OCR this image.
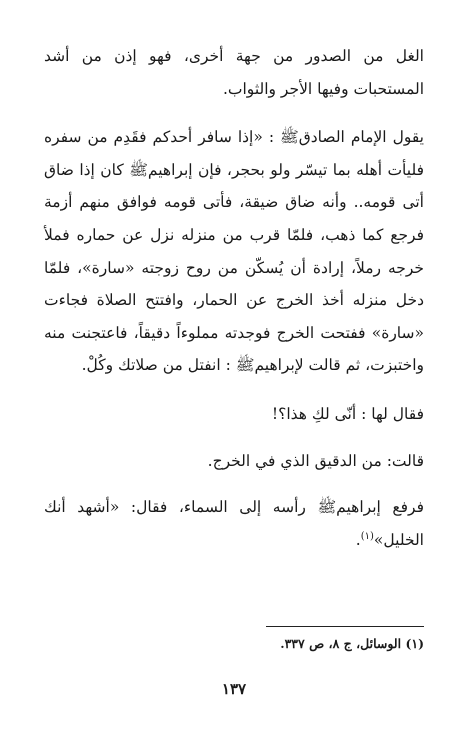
الغل من الصدور من جهة أخرى، فهو إذن من أشد المستحبات وفيها الأجر والثواب.

يقول الإمام الصادقﷺ : «إذا سافر أحدكم فقَدِم من سفره فليأت أهله بما تيسّر ولو بحجر، فإن إبراهيمﷺ كان إذا ضاق أتى قومه.. وأنه ضاق ضيقة، فأتى قومه فوافق منهم أزمة فرجع كما ذهب، فلمّا قرب من منزله نزل عن حماره فملأ خرجه رملاً، إرادة أن يُسكّن من روح زوجته «سارة»، فلمّا دخل منزله أخذ الخرج عن الحمار، وافتتح الصلاة فجاءت «سارة» ففتحت الخرج فوجدته مملوءاً دقيقاً، فاعتجنت منه واختبزت، ثم قالت لإبراهيمﷺ : انفتل من صلاتك وكُلْ.

فقال لها : أنّى لكِ هذا؟!

قالت: من الدقيق الذي في الخرج.

فرفع إبراهيمﷺ رأسه إلى السماء، فقال: «أشهد أنك الخليل»$^{(١)}$.

(١) الوسائل، ج ٨، ص ٣٣٧.
١٣٧
